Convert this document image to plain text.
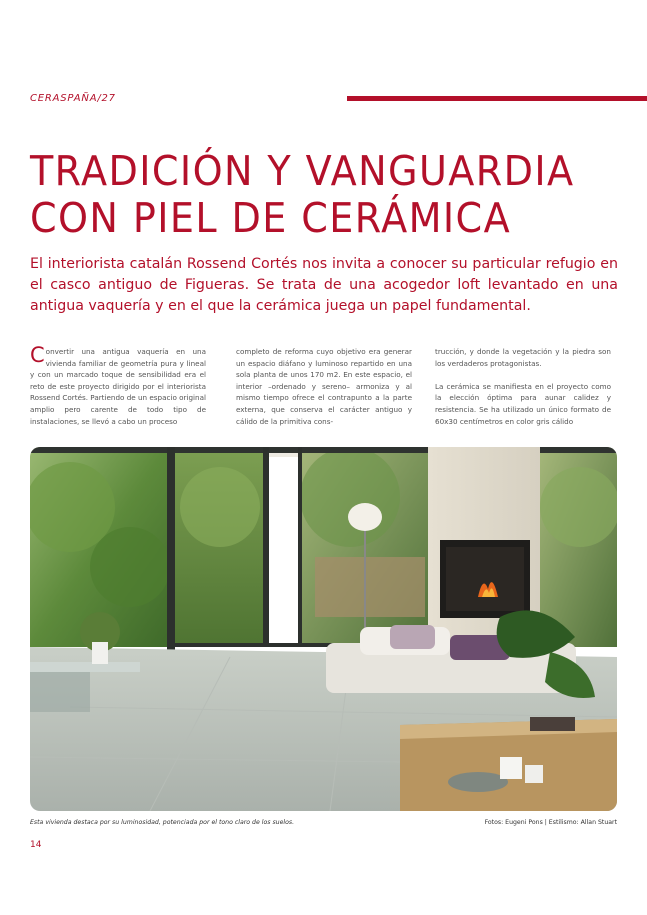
CERASPAÑA/27
TRADICIÓN Y VANGUARDIA
CON PIEL DE CERÁMICA

El interiorista catalán Rossend Cortés nos invita a conocer su particular refugio en el casco antiguo de Figueras. Se trata de una acogedor loft levantado en una antigua vaquería y en el que la cerámica juega un papel fundamental.

Convertir una antigua vaquería en una vivienda familiar de geometría pura y lineal y con un marcado toque de sensibilidad era el reto de este proyecto dirigido por el interiorista Rossend Cortés. Partiendo de un espacio original amplio pero carente de todo tipo de instalaciones, se llevó a cabo un proceso
completo de reforma cuyo objetivo era generar un espacio diáfano y luminoso repartido en una sola planta de unos 170 m2. En este espacio, el interior –ordenado y sereno– armoniza y al mismo tiempo ofrece el contrapunto a la parte externa, que conserva el carácter antiguo y cálido de la primitiva cons-

trucción, y donde la vegetación y la piedra son los verdaderos protagonistas.

La cerámica se manifiesta en el proyecto como la elección óptima para aunar calidez y resistencia. Se ha utilizado un único formato de 60x30 centímetros en color gris cálido

Esta vivienda destaca por su luminosidad, potenciada por el tono claro de los suelos.	Fotos: Eugeni Pons | Estilismo: Allan Stuart
14
